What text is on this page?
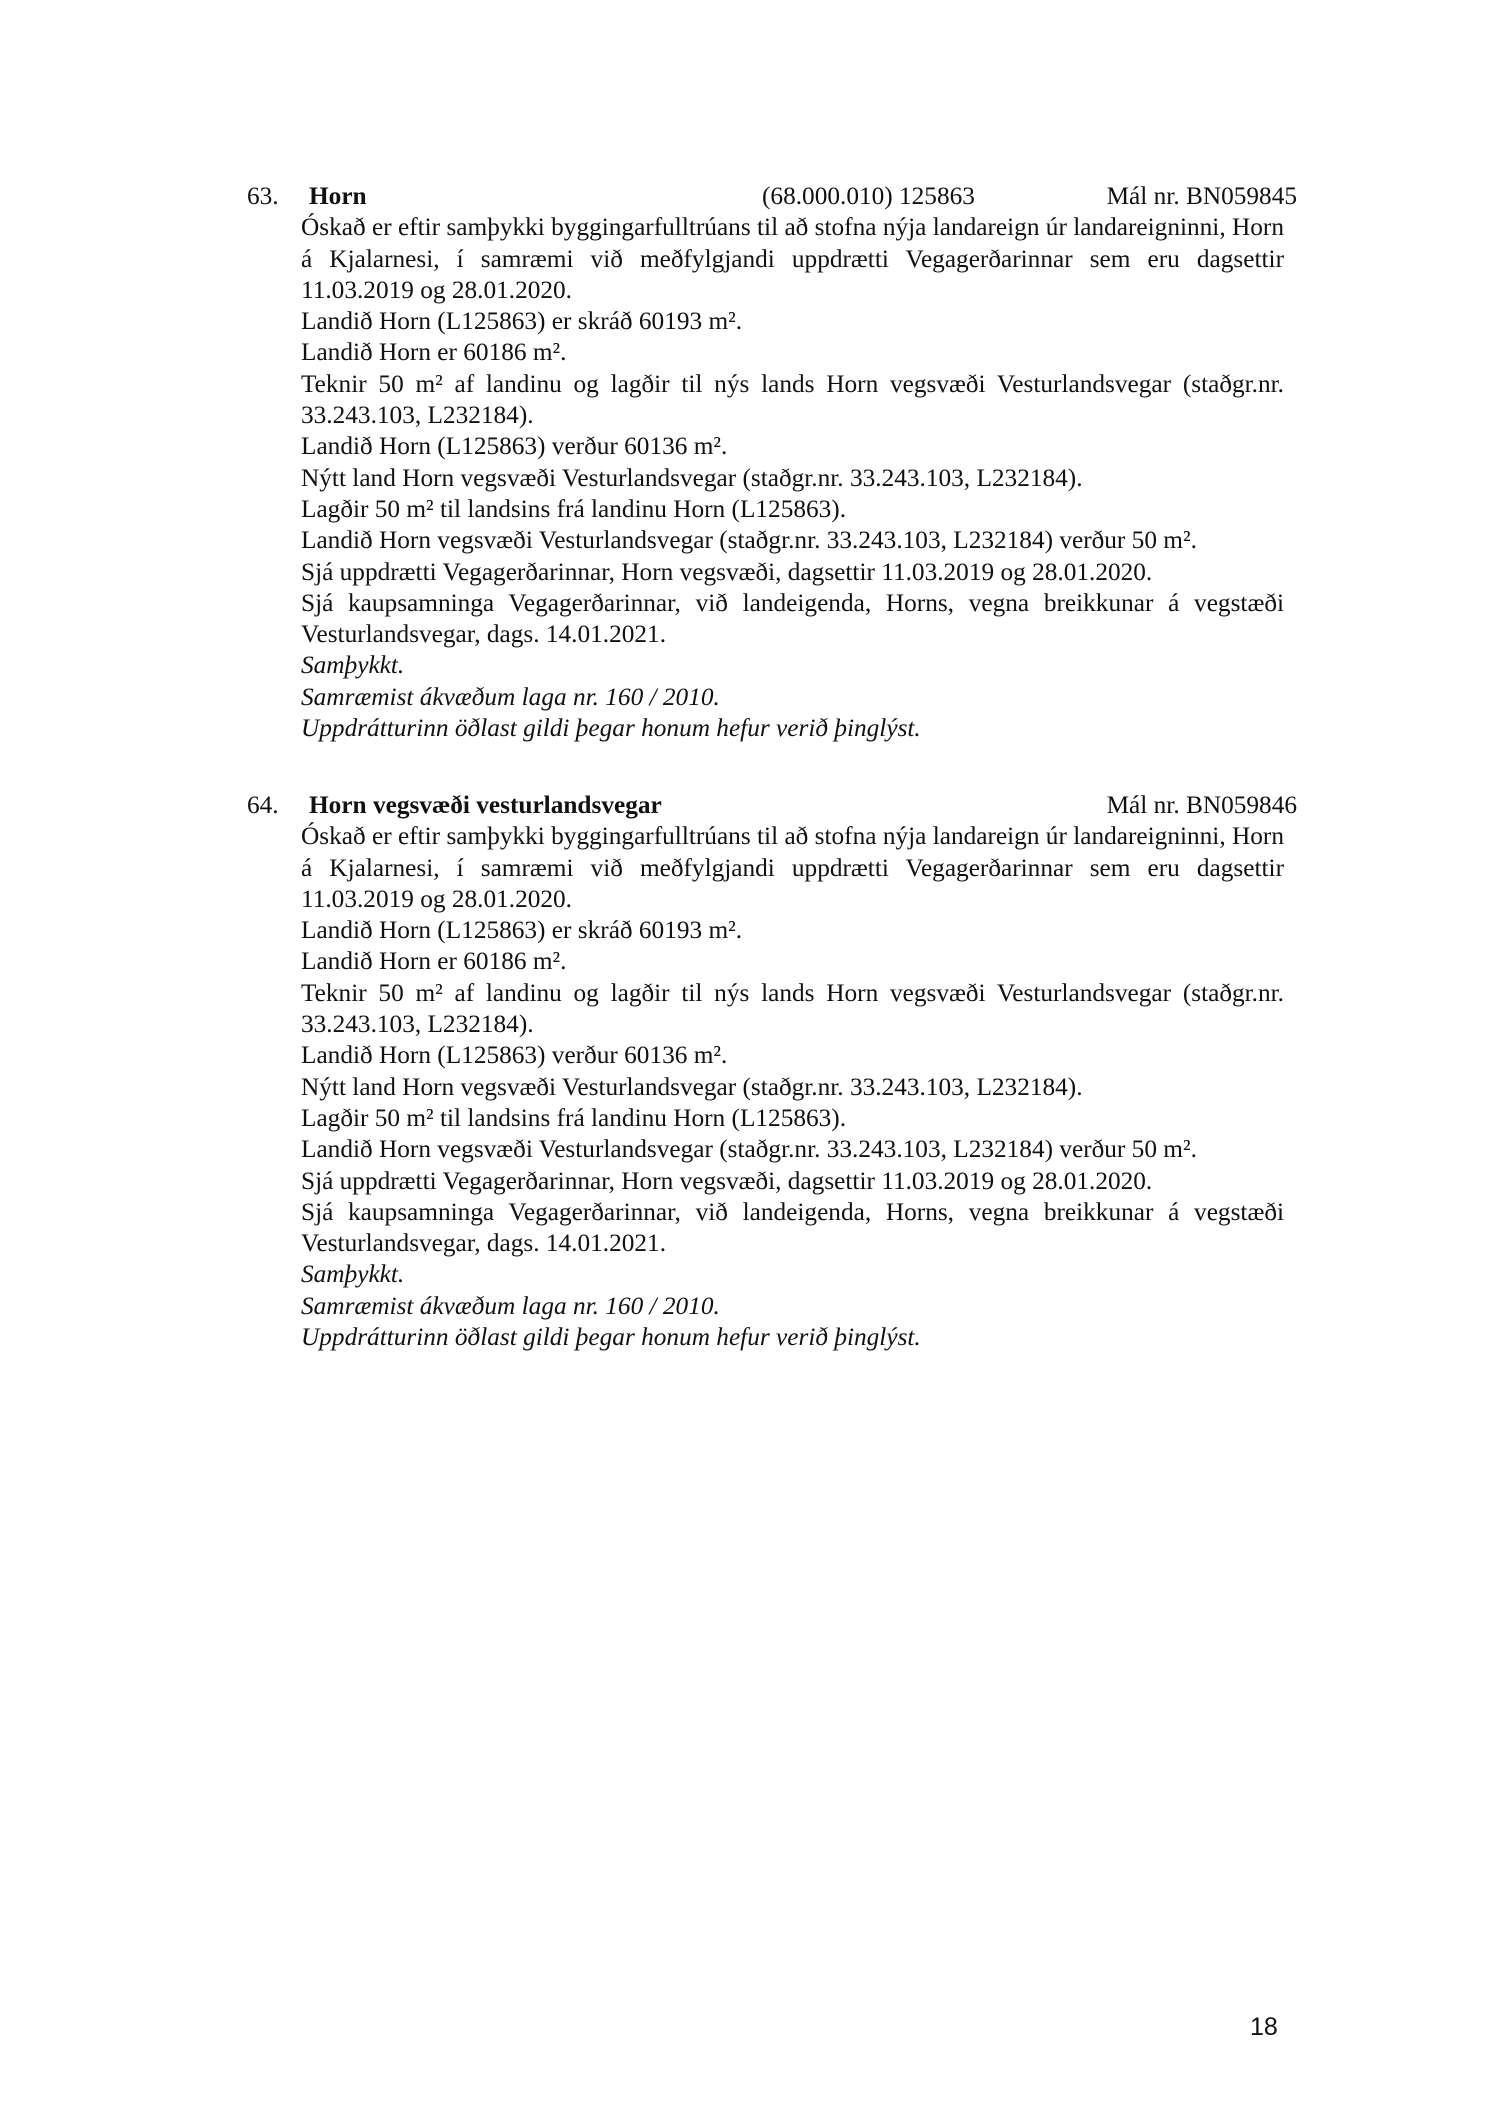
63. Horn	(68.000.010) 125863	Mál nr. BN059845

Óskað er eftir samþykki byggingarfulltrúans til að stofna nýja landareign úr landareigninni, Horn á Kjalarnesi, í samræmi við meðfylgjandi uppdrætti Vegagerðarinnar sem eru dagsettir 11.03.2019 og 28.01.2020.

Landið Horn (L125863) er skráð 60193 m².

Landið Horn er 60186 m².

Teknir 50 m² af landinu og lagðir til nýs lands Horn vegsvæði Vesturlandsvegar (staðgr.nr. 33.243.103, L232184).

Landið Horn (L125863) verður 60136 m².

Nýtt land Horn vegsvæði Vesturlandsvegar (staðgr.nr. 33.243.103, L232184).

Lagðir 50 m² til landsins frá landinu Horn (L125863).

Landið Horn vegsvæði Vesturlandsvegar (staðgr.nr. 33.243.103, L232184) verður 50 m².

Sjá uppdrætti Vegagerðarinnar, Horn vegsvæði, dagsettir 11.03.2019 og 28.01.2020.

Sjá kaupsamninga Vegagerðarinnar, við landeigenda, Horns, vegna breikkunar á vegstæði Vesturlandsvegar, dags. 14.01.2021.

Samþykkt.

Samræmist ákvæðum laga nr. 160 / 2010.

Uppdrátturinn öðlast gildi þegar honum hefur verið þinglýst.

64. Horn vegsvæði vesturlandsvegar	Mál nr. BN059846

Óskað er eftir samþykki byggingarfulltrúans til að stofna nýja landareign úr landareigninni, Horn á Kjalarnesi, í samræmi við meðfylgjandi uppdrætti Vegagerðarinnar sem eru dagsettir 11.03.2019 og 28.01.2020.

Landið Horn (L125863) er skráð 60193 m².

Landið Horn er 60186 m².

Teknir 50 m² af landinu og lagðir til nýs lands Horn vegsvæði Vesturlandsvegar (staðgr.nr. 33.243.103, L232184).

Landið Horn (L125863) verður 60136 m².

Nýtt land Horn vegsvæði Vesturlandsvegar (staðgr.nr. 33.243.103, L232184).

Lagðir 50 m² til landsins frá landinu Horn (L125863).

Landið Horn vegsvæði Vesturlandsvegar (staðgr.nr. 33.243.103, L232184) verður 50 m².

Sjá uppdrætti Vegagerðarinnar, Horn vegsvæði, dagsettir 11.03.2019 og 28.01.2020.

Sjá kaupsamninga Vegagerðarinnar, við landeigenda, Horns, vegna breikkunar á vegstæði Vesturlandsvegar, dags. 14.01.2021.

Samþykkt.

Samræmist ákvæðum laga nr. 160 / 2010.

Uppdrátturinn öðlast gildi þegar honum hefur verið þinglýst.

18
